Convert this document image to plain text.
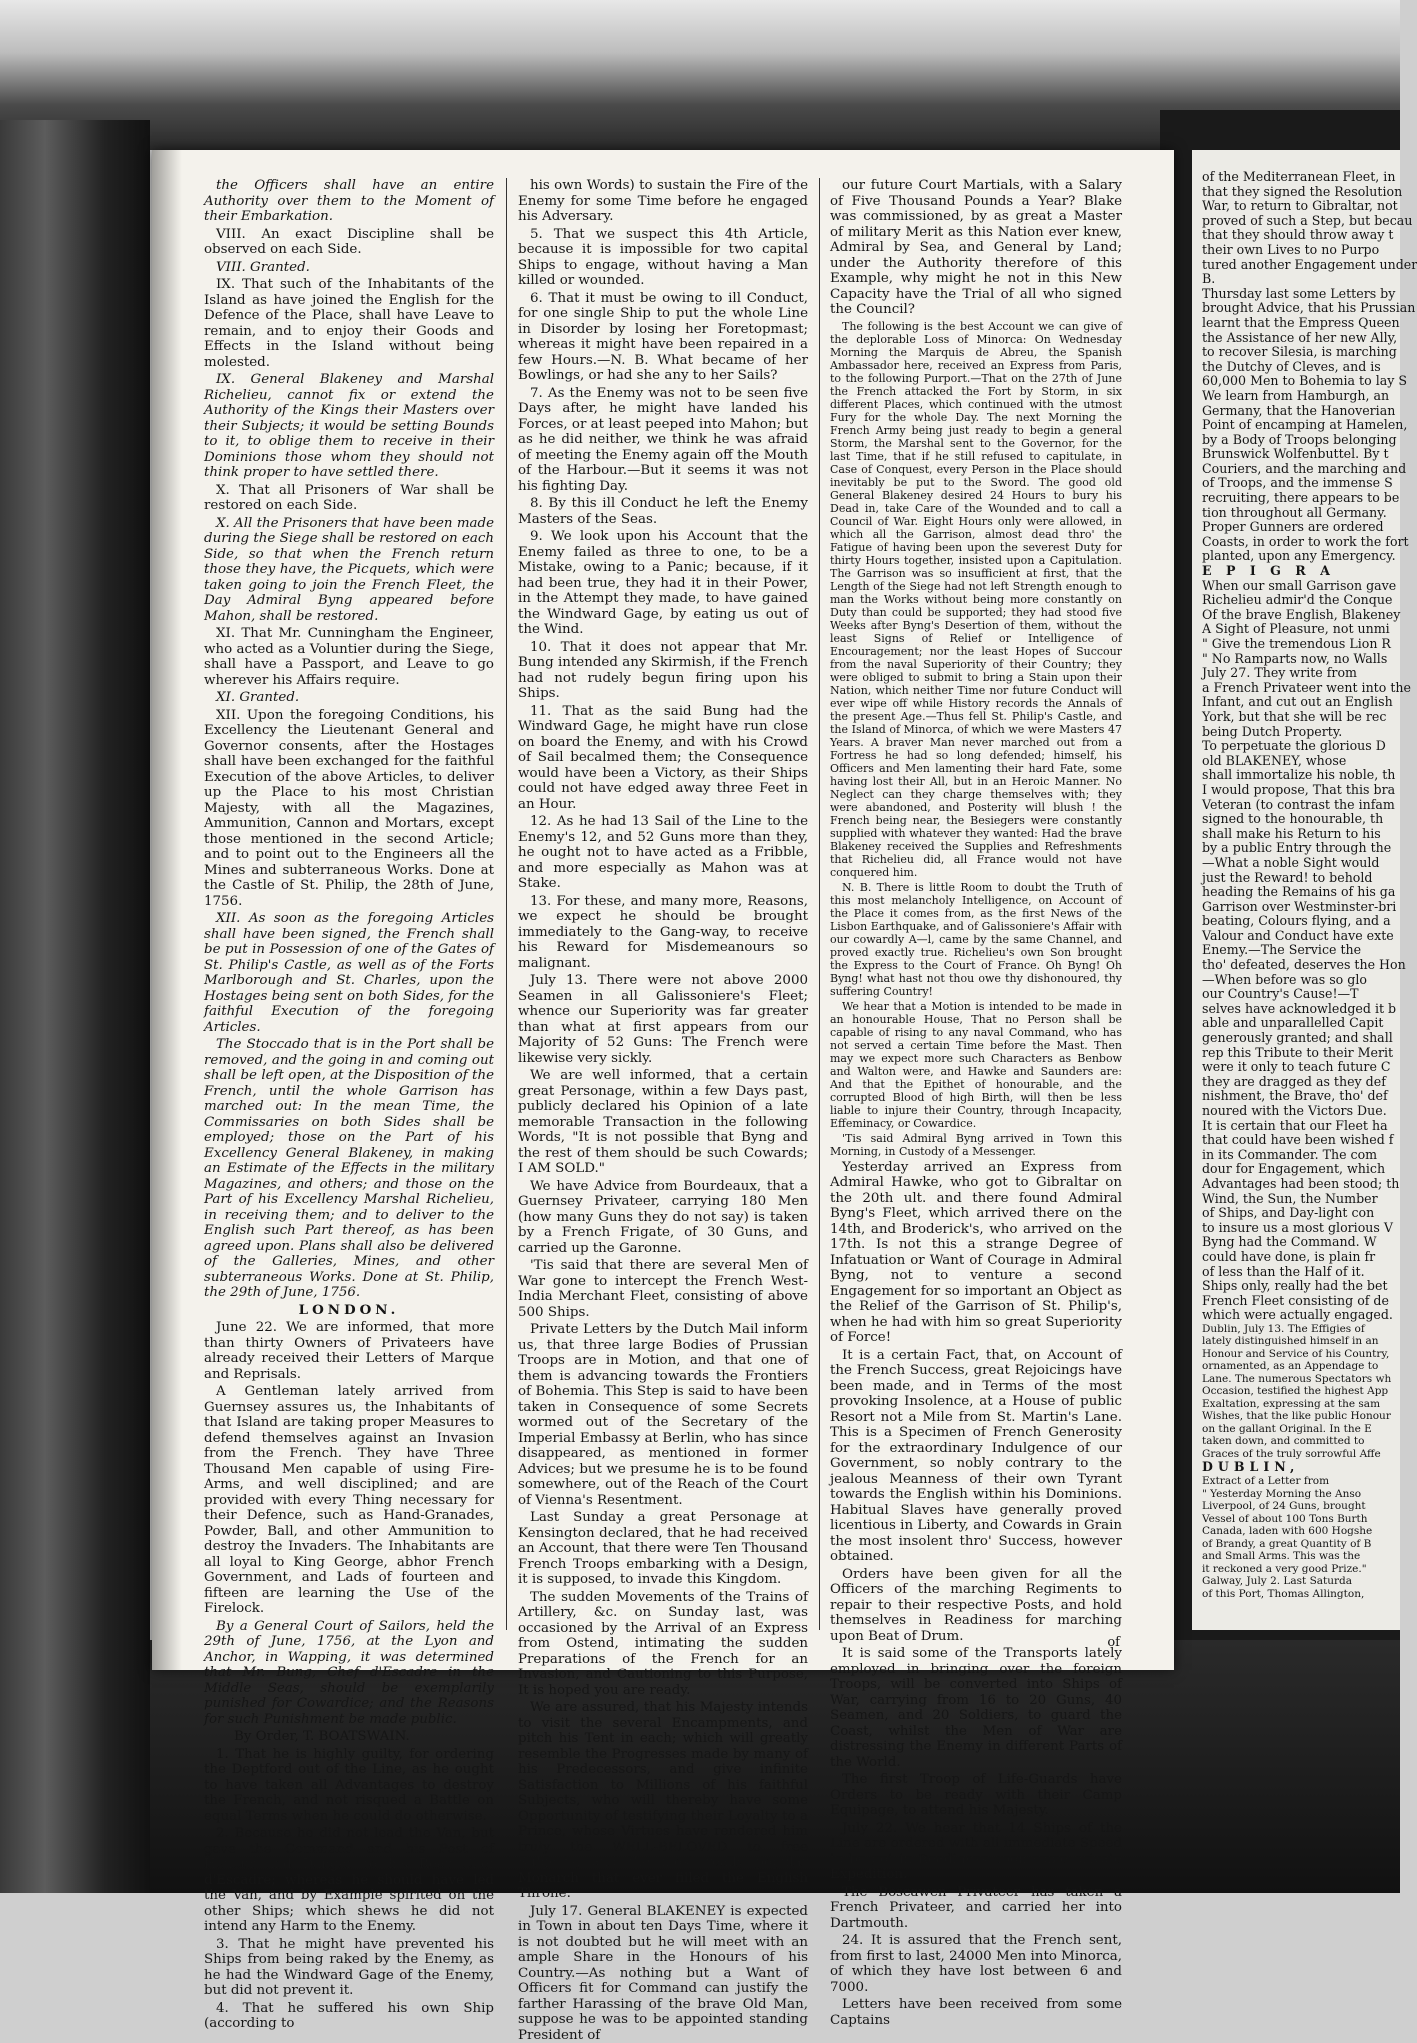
the Officers shall have an entire Authority over them to the Moment of their Embarkation.

VIII. An exact Discipline shall be observed on each Side.

VIII. Granted.

IX. That such of the Inhabitants of the Island as have joined the English for the Defence of the Place, shall have Leave to remain, and to enjoy their Goods and Effects in the Island without being molested.

IX. General Blakeney and Marshal Richelieu, cannot fix or extend the Authority of the Kings their Masters over their Subjects; it would be setting Bounds to it, to oblige them to receive in their Dominions those whom they should not think proper to have settled there.

X. That all Prisoners of War shall be restored on each Side.

X. All the Prisoners that have been made during the Siege shall be restored on each Side, so that when the French return those they have, the Picquets, which were taken going to join the French Fleet, the Day Admiral Byng appeared before Mahon, shall be restored.

XI. That Mr. Cunningham the Engineer, who acted as a Voluntier during the Siege, shall have a Passport, and Leave to go wherever his Affairs require.

XI. Granted.

XII. Upon the foregoing Conditions, his Excellency the Lieutenant General and Governor consents, after the Hostages shall have been exchanged for the faithful Execution of the above Articles, to deliver up the Place to his most Christian Majesty, with all the Magazines, Ammunition, Cannon and Mortars, except those mentioned in the second Article; and to point out to the Engineers all the Mines and subterraneous Works. Done at the Castle of St. Philip, the 28th of June, 1756.

XII. As soon as the foregoing Articles shall have been signed, the French shall be put in Possession of one of the Gates of St. Philip's Castle, as well as of the Forts Marlborough and St. Charles, upon the Hostages being sent on both Sides, for the faithful Execution of the foregoing Articles.

The Stoccado that is in the Port shall be removed, and the going in and coming out shall be left open, at the Disposition of the French, until the whole Garrison has marched out: In the mean Time, the Commissaries on both Sides shall be employed; those on the Part of his Excellency General Blakeney, in making an Estimate of the Effects in the military Magazines, and others; and those on the Part of his Excellency Marshal Richelieu, in receiving them; and to deliver to the English such Part thereof, as has been agreed upon. Plans shall also be delivered of the Galleries, Mines, and other subterraneous Works. Done at St. Philip, the 29th of June, 1756.

LONDON.

June 22. We are informed, that more than thirty Owners of Privateers have already received their Letters of Marque and Reprisals.

A Gentleman lately arrived from Guernsey assures us, the Inhabitants of that Island are taking proper Measures to defend themselves against an Invasion from the French. They have Three Thousand Men capable of using Fire-Arms, and well disciplined; and are provided with every Thing necessary for their Defence, such as Hand-Granades, Powder, Ball, and other Ammunition to destroy the Invaders. The Inhabitants are all loyal to King George, abhor French Government, and Lads of fourteen and fifteen are learning the Use of the Firelock.

By a General Court of Sailors, held the 29th of June, 1756, at the Lyon and Anchor, in Wapping, it was determined that Mr. Bung, Chef d'Escadre in the Middle Seas, should be exemplarily punished for Cowardice; and the Reasons for such Punishment be made public.

By Order, T. BOATSWAIN.

1. That he is highly guilty, for ordering the Deptford out of the Line, as he ought to have taken all Advantages to destroy the French, and not risqued a Battle on equal Terms when he could do otherwise.

2. Because he did not lead the Van, but gave the Command and his Post of Honour and Danger to his Rear Chef d'Escadre; whereas he should have led the Van, and by Example spirited on the other Ships; which shews he did not intend any Harm to the Enemy.

3. That he might have prevented his Ships from being raked by the Enemy, as he had the Windward Gage of the Enemy, but did not prevent it.

4. That he suffered his own Ship (according to

his own Words) to sustain the Fire of the Enemy for some Time before he engaged his Adversary.

5. That we suspect this 4th Article, because it is impossible for two capital Ships to engage, without having a Man killed or wounded.

6. That it must be owing to ill Conduct, for one single Ship to put the whole Line in Disorder by losing her Foretopmast; whereas it might have been repaired in a few Hours.—N. B. What became of her Bowlings, or had she any to her Sails?

7. As the Enemy was not to be seen five Days after, he might have landed his Forces, or at least peeped into Mahon; but as he did neither, we think he was afraid of meeting the Enemy again off the Mouth of the Harbour.—But it seems it was not his fighting Day.

8. By this ill Conduct he left the Enemy Masters of the Seas.

9. We look upon his Account that the Enemy failed as three to one, to be a Mistake, owing to a Panic; because, if it had been true, they had it in their Power, in the Attempt they made, to have gained the Windward Gage, by eating us out of the Wind.

10. That it does not appear that Mr. Bung intended any Skirmish, if the French had not rudely begun firing upon his Ships.

11. That as the said Bung had the Windward Gage, he might have run close on board the Enemy, and with his Crowd of Sail becalmed them; the Consequence would have been a Victory, as their Ships could not have edged away three Feet in an Hour.

12. As he had 13 Sail of the Line to the Enemy's 12, and 52 Guns more than they, he ought not to have acted as a Fribble, and more especially as Mahon was at Stake.

13. For these, and many more, Reasons, we expect he should be brought immediately to the Gang-way, to receive his Reward for Misdemeanours so malignant.

July 13. There were not above 2000 Seamen in all Galissoniere's Fleet; whence our Superiority was far greater than what at first appears from our Majority of 52 Guns: The French were likewise very sickly.

We are well informed, that a certain great Personage, within a few Days past, publicly declared his Opinion of a late memorable Transaction in the following Words, "It is not possible that Byng and the rest of them should be such Cowards; I AM SOLD."

We have Advice from Bourdeaux, that a Guernsey Privateer, carrying 180 Men (how many Guns they do not say) is taken by a French Frigate, of 30 Guns, and carried up the Garonne.

'Tis said that there are several Men of War gone to intercept the French West-India Merchant Fleet, consisting of above 500 Ships.

Private Letters by the Dutch Mail inform us, that three large Bodies of Prussian Troops are in Motion, and that one of them is advancing towards the Frontiers of Bohemia. This Step is said to have been taken in Consequence of some Secrets wormed out of the Secretary of the Imperial Embassy at Berlin, who has since disappeared, as mentioned in former Advices; but we presume he is to be found somewhere, out of the Reach of the Court of Vienna's Resentment.

Last Sunday a great Personage at Kensington declared, that he had received an Account, that there were Ten Thousand French Troops embarking with a Design, it is supposed, to invade this Kingdom.

The sudden Movements of the Trains of Artillery, &c. on Sunday last, was occasioned by the Arrival of an Express from Ostend, intimating the sudden Preparations of the French for an Invasion, and Cautioning to this Purpose, It is hoped you are ready.

We are assured, that his Majesty intends to visit the several Encampments, and pitch his Tent in each; which will greatly resemble the Progresses made by many of his Predecessors, and give infinite Satisfaction to Millions of his faithful Subjects, who will thereby have some Opportunity of testifying their Loyalty to a Prince, whose Virtues have rendered him truly the WELL-BELOVED to free Subjects, and the most really popular Monarch that ever filled the English Throne.

July 17. General BLAKENEY is expected in Town in about ten Days Time, where it is not doubted but he will meet with an ample Share in the Honours of his Country.—As nothing but a Want of Officers fit for Command can justify the farther Harassing of the brave Old Man, suppose he was to be appointed standing President of

our future Court Martials, with a Salary of Five Thousand Pounds a Year? Blake was commissioned, by as great a Master of military Merit as this Nation ever knew, Admiral by Sea, and General by Land; under the Authority therefore of this Example, why might he not in this New Capacity have the Trial of all who signed the Council?

The following is the best Account we can give of the deplorable Loss of Minorca: On Wednesday Morning the Marquis de Abreu, the Spanish Ambassador here, received an Express from Paris, to the following Purport.—That on the 27th of June the French attacked the Fort by Storm, in six different Places, which continued with the utmost Fury for the whole Day. The next Morning the French Army being just ready to begin a general Storm, the Marshal sent to the Governor, for the last Time, that if he still refused to capitulate, in Case of Conquest, every Person in the Place should inevitably be put to the Sword. The good old General Blakeney desired 24 Hours to bury his Dead in, take Care of the Wounded and to call a Council of War. Eight Hours only were allowed, in which all the Garrison, almost dead thro' the Fatigue of having been upon the severest Duty for thirty Hours together, insisted upon a Capitulation. The Garrison was so insufficient at first, that the Length of the Siege had not left Strength enough to man the Works without being more constantly on Duty than could be supported; they had stood five Weeks after Byng's Desertion of them, without the least Signs of Relief or Intelligence of Encouragement; nor the least Hopes of Succour from the naval Superiority of their Country; they were obliged to submit to bring a Stain upon their Nation, which neither Time nor future Conduct will ever wipe off while History records the Annals of the present Age.—Thus fell St. Philip's Castle, and the Island of Minorca, of which we were Masters 47 Years. A braver Man never marched out from a Fortress he had so long defended; himself, his Officers and Men lamenting their hard Fate, some having lost their All, but in an Heroic Manner. No Neglect can they charge themselves with; they were abandoned, and Posterity will blush ! the French being near, the Besiegers were constantly supplied with whatever they wanted: Had the brave Blakeney received the Supplies and Refreshments that Richelieu did, all France would not have conquered him.

N. B. There is little Room to doubt the Truth of this most melancholy Intelligence, on Account of the Place it comes from, as the first News of the Lisbon Earthquake, and of Galissoniere's Affair with our cowardly A—l, came by the same Channel, and proved exactly true. Richelieu's own Son brought the Express to the Court of France. Oh Byng! Oh Byng! what hast not thou owe thy dishonoured, thy suffering Country!

We hear that a Motion is intended to be made in an honourable House, That no Person shall be capable of rising to any naval Command, who has not served a certain Time before the Mast. Then may we expect more such Characters as Benbow and Walton were, and Hawke and Saunders are: And that the Epithet of honourable, and the corrupted Blood of high Birth, will then be less liable to injure their Country, through Incapacity, Effeminacy, or Cowardice.

'Tis said Admiral Byng arrived in Town this Morning, in Custody of a Messenger.

Yesterday arrived an Express from Admiral Hawke, who got to Gibraltar on the 20th ult. and there found Admiral Byng's Fleet, which arrived there on the 14th, and Broderick's, who arrived on the 17th. Is not this a strange Degree of Infatuation or Want of Courage in Admiral Byng, not to venture a second Engagement for so important an Object as the Relief of the Garrison of St. Philip's, when he had with him so great Superiority of Force!

It is a certain Fact, that, on Account of the French Success, great Rejoicings have been made, and in Terms of the most provoking Insolence, at a House of public Resort not a Mile from St. Martin's Lane. This is a Specimen of French Generosity for the extraordinary Indulgence of our Government, so nobly contrary to the jealous Meanness of their own Tyrant towards the English within his Dominions. Habitual Slaves have generally proved licentious in Liberty, and Cowards in Grain the most insolent thro' Success, however obtained.

Orders have been given for all the Officers of the marching Regiments to repair to their respective Posts, and hold themselves in Readiness for marching upon Beat of Drum.

It is said some of the Transports lately employed in bringing over the foreign Troops, will be converted into Ships of War, carrying from 16 to 20 Guns, 40 Seamen, and 20 Soldiers, to guard the Coast, whilst the Men of War are distressing the Enemy in different Parts of the World.

The first Troop of Life-Guards have Orders to be ready with their Camp Equipage, to attend his Majesty.

July 22. We hear that 14 Ships of the Line are ordered with all immediate Speed to be got in Readiness upon some private Expedition.

The Boscawen Privateer has taken a French Privateer, and carried her into Dartmouth.

24. It is assured that the French sent, from first to last, 24000 Men into Minorca, of which they have lost between 6 and 7000.

Letters have been received from some Captains

of

of the Mediterranean Fleet, in

that they signed the Resolution

War, to return to Gibraltar, not

proved of such a Step, but becau

that they should throw away t

their own Lives to no Purpo

tured another Engagement under

B.

Thursday last some Letters by

brought Advice, that his Prussian

learnt that the Empress Queen

the Assistance of her new Ally,

to recover Silesia, is marching

the Dutchy of Cleves, and is

60,000 Men to Bohemia to lay S

We learn from Hamburgh, an

Germany, that the Hanoverian

Point of encamping at Hamelen,

by a Body of Troops belonging

Brunswick Wolfenbuttel. By t

Couriers, and the marching and

of Troops, and the immense S

recruiting, there appears to be

tion throughout all Germany.

Proper Gunners are ordered

Coasts, in order to work the fort

planted, upon any Emergency.

E P I G R A

When our small Garrison gave

Richelieu admir'd the Conque

Of the brave English, Blakeney

A Sight of Pleasure, not unmi

" Give the tremendous Lion R

" No Ramparts now, no Walls

July 27. They write from

a French Privateer went into the

Infant, and cut out an English

York, but that she will be rec

being Dutch Property.

To perpetuate the glorious D

old BLAKENEY, whose

shall immortalize his noble, th

I would propose, That this bra

Veteran (to contrast the infam

signed to the honourable, th

shall make his Return to his

by a public Entry through the

—What a noble Sight would

just the Reward! to behold

heading the Remains of his ga

Garrison over Westminster-bri

beating, Colours flying, and a

Valour and Conduct have exte

Enemy.—The Service the

tho' defeated, deserves the Hon

—When before was so glo

our Country's Cause!—T

selves have acknowledged it b

able and unparallelled Capit

generously granted; and shall

rep this Tribute to their Merit

were it only to teach future C

they are dragged as they def

nishment, the Brave, tho' def

noured with the Victors Due.

It is certain that our Fleet ha

that could have been wished f

in its Commander. The com

dour for Engagement, which

Advantages had been stood; th

Wind, the Sun, the Number

of Ships, and Day-light con

to insure us a most glorious V

Byng had the Command. W

could have done, is plain fr

of less than the Half of it.

Ships only, really had the bet

French Fleet consisting of de

which were actually engaged.

Dublin, July 13. The Effigies of

lately distinguished himself in an

Honour and Service of his Country,

ornamented, as an Appendage to

Lane. The numerous Spectators wh

Occasion, testified the highest App

Exaltation, expressing at the sam

Wishes, that the like public Honour

on the gallant Original. In the E

taken down, and committed to

Graces of the truly sorrowful Affe

DUBLIN,

Extract of a Letter from

" Yesterday Morning the Anso

Liverpool, of 24 Guns, brought

Vessel of about 100 Tons Burth

Canada, laden with 600 Hogshe

of Brandy, a great Quantity of B

and Small Arms. This was the

it reckoned a very good Prize."

Galway, July 2. Last Saturda

of this Port, Thomas Allington,
